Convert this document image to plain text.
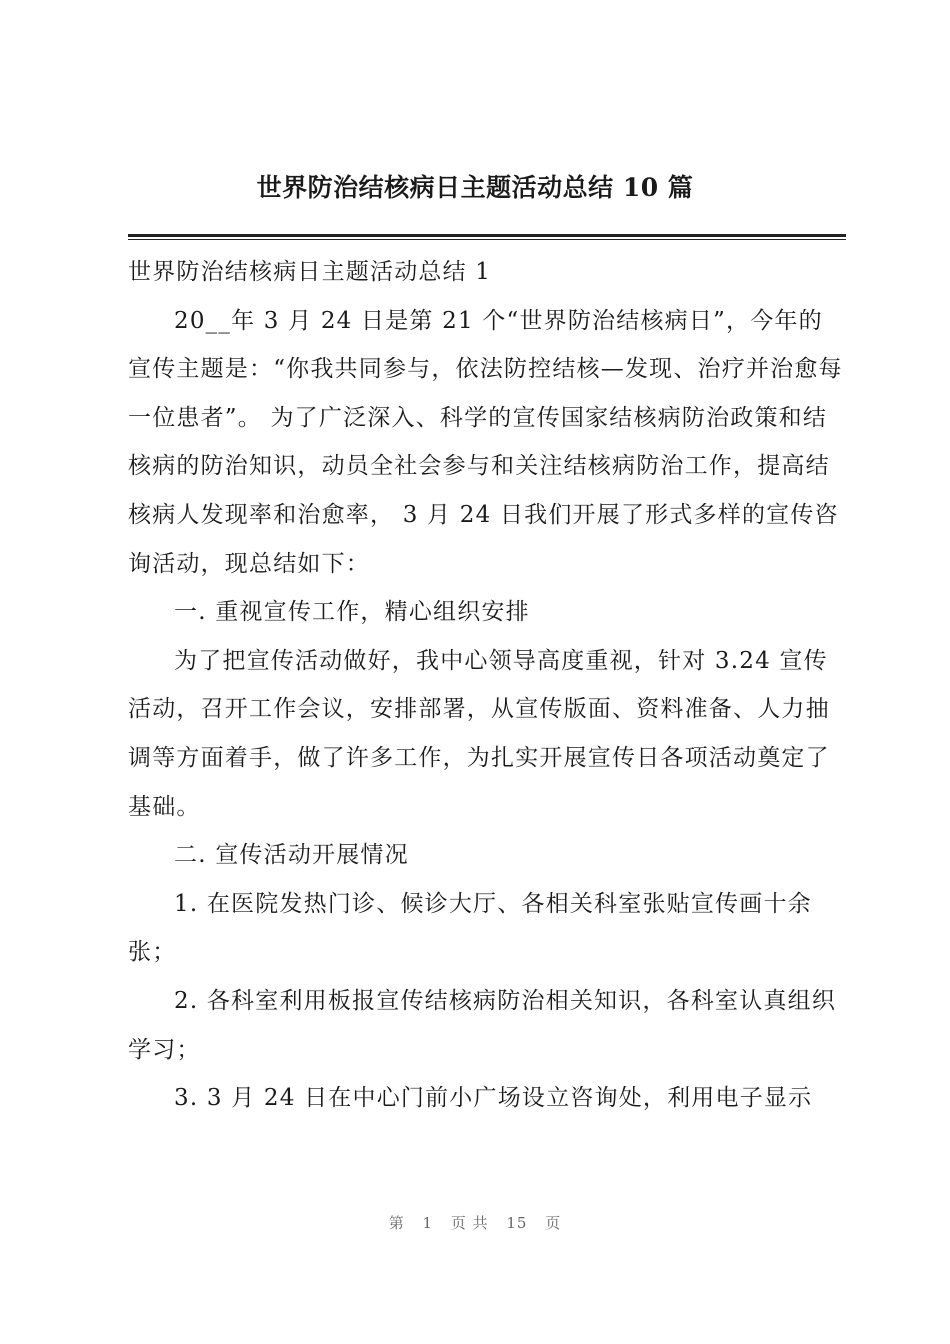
世界防治结核病日主题活动总结 10 篇

世界防治结核病日主题活动总结 1

20__年 3 月 24 日是第 21 个“世界防治结核病日”，今年的宣传主题是：“你我共同参与，依法防控结核—发现、治疗并治愈每一位患者”。 为了广泛深入、科学的宣传国家结核病防治政策和结核病的防治知识，动员全社会参与和关注结核病防治工作，提高结核病人发现率和治愈率， 3 月 24 日我们开展了形式多样的宣传咨询活动，现总结如下：

一. 重视宣传工作，精心组织安排

为了把宣传活动做好，我中心领导高度重视，针对 3.24 宣传活动，召开工作会议，安排部署，从宣传版面、资料准备、人力抽调等方面着手，做了许多工作，为扎实开展宣传日各项活动奠定了基础。

二. 宣传活动开展情况

1. 在医院发热门诊、候诊大厅、各相关科室张贴宣传画十余张；

2. 各科室利用板报宣传结核病防治相关知识，各科室认真组织学习；

3. 3 月 24 日在中心门前小广场设立咨询处，利用电子显示

第 1 页 共 15 页
